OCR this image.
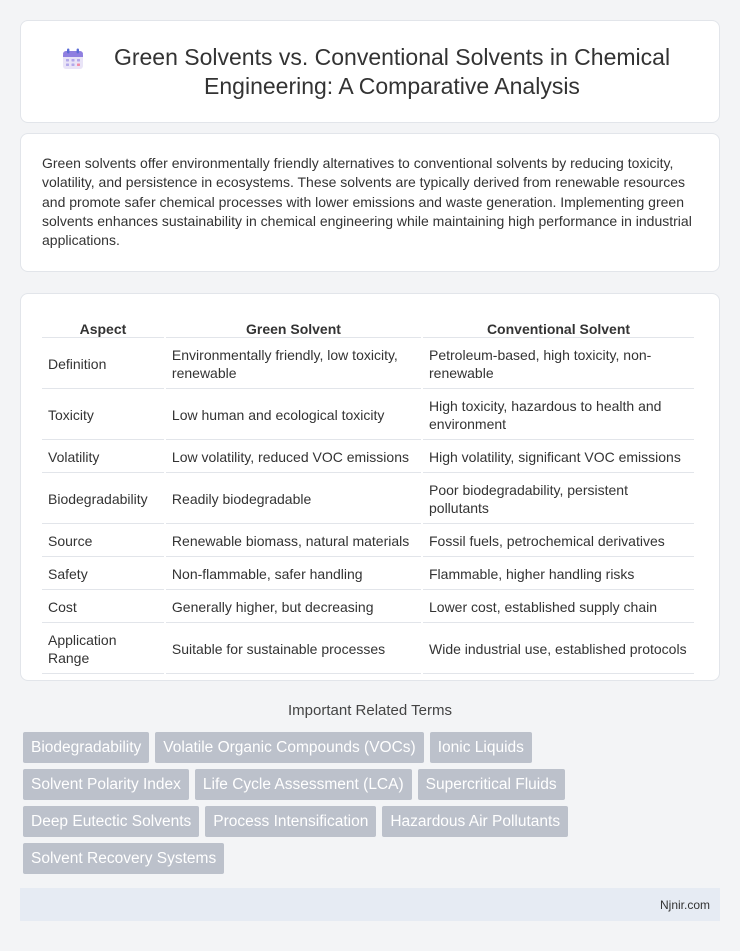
Green Solvents vs. Conventional Solvents in Chemical Engineering: A Comparative Analysis

Green solvents offer environmentally friendly alternatives to conventional solvents by reducing toxicity, volatility, and persistence in ecosystems. These solvents are typically derived from renewable resources and promote safer chemical processes with lower emissions and waste generation. Implementing green solvents enhances sustainability in chemical engineering while maintaining high performance in industrial applications.

Aspect	Green Solvent	Conventional Solvent
Definition	Environmentally friendly, low toxicity, renewable	Petroleum-based, high toxicity, non-renewable
Toxicity	Low human and ecological toxicity	High toxicity, hazardous to health and environment
Volatility	Low volatility, reduced VOC emissions	High volatility, significant VOC emissions
Biodegradability	Readily biodegradable	Poor biodegradability, persistent pollutants
Source	Renewable biomass, natural materials	Fossil fuels, petrochemical derivatives
Safety	Non-flammable, safer handling	Flammable, higher handling risks
Cost	Generally higher, but decreasing	Lower cost, established supply chain
Application Range	Suitable for sustainable processes	Wide industrial use, established protocols
Important Related Terms
Biodegradability	Volatile Organic Compounds (VOCs)	Ionic Liquids
Solvent Polarity Index	Life Cycle Assessment (LCA)	Supercritical Fluids
Deep Eutectic Solvents	Process Intensification	Hazardous Air Pollutants
Solvent Recovery Systems
Njnir.com
